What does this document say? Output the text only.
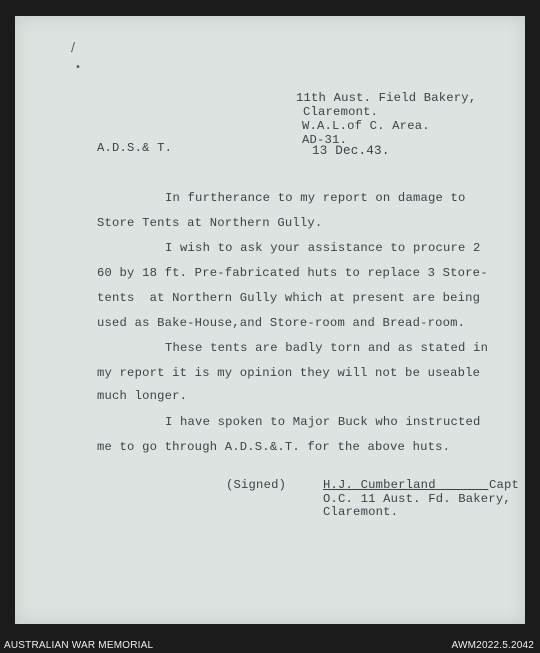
/
•
11th Aust. Field Bakery,
Claremont.
W.A.L.of C. Area.
AD-31.
13 Dec.43.
A.D.S.& T.
In furtherance to my report on damage to
Store Tents at Northern Gully.
I wish to ask your assistance to procure 2
60 by 18 ft. Pre-fabricated huts to replace 3 Store-
tents  at Northern Gully which at present are being
used as Bake-House,and Store-room and Bread-room.
These tents are badly torn and as stated in
my report it is my opinion they will not be useable
much longer.
I have spoken to Major Buck who instructed
me to go through A.D.S.&.T. for the above huts.
(Signed)	H.J. Cumberland	Capt
O.C. 11 Aust. Fd. Bakery,
Claremont.
AUSTRALIAN WAR MEMORIAL	AWM2022.5.2042
